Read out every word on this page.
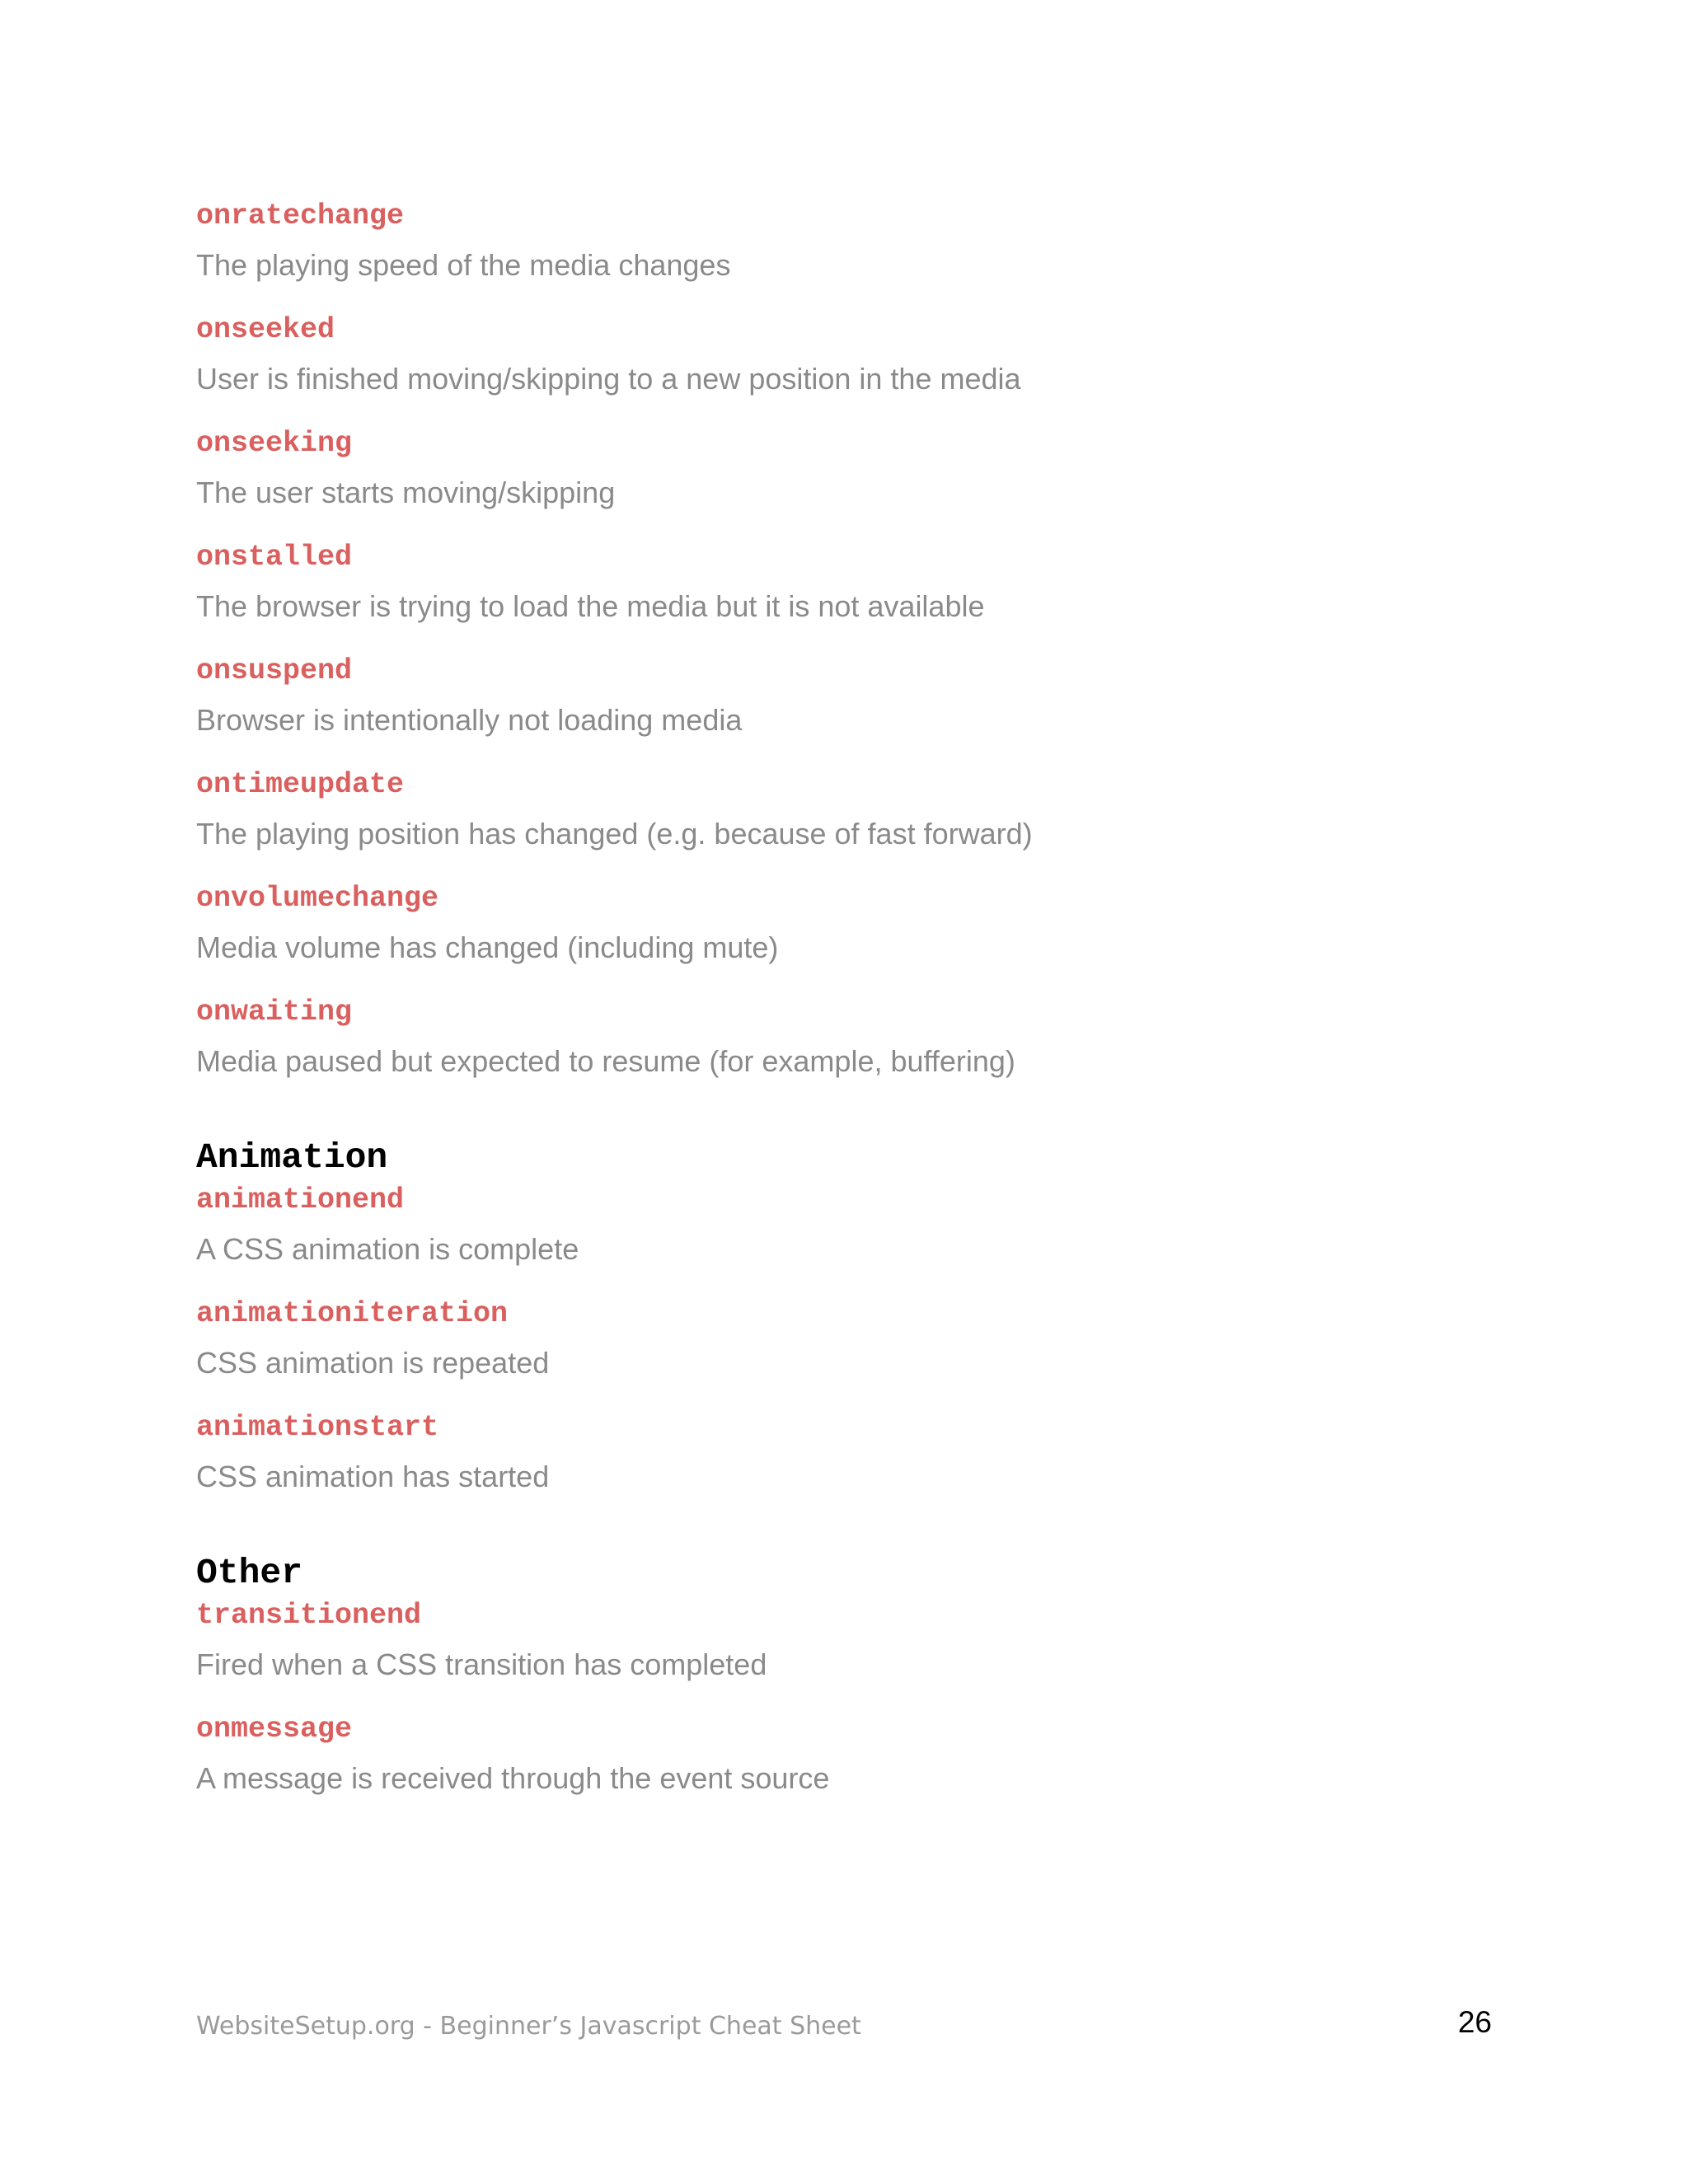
onratechange

The playing speed of the media changes

onseeked

User is finished moving/skipping to a new position in the media

onseeking

The user starts moving/skipping

onstalled

The browser is trying to load the media but it is not available

onsuspend

Browser is intentionally not loading media

ontimeupdate

The playing position has changed (e.g. because of fast forward)

onvolumechange

Media volume has changed (including mute)

onwaiting

Media paused but expected to resume (for example, buffering)

Animation

animationend

A CSS animation is complete

animationiteration

CSS animation is repeated

animationstart

CSS animation has started

Other

transitionend

Fired when a CSS transition has completed

onmessage

A message is received through the event source

WebsiteSetup.org - Beginner’s Javascript Cheat Sheet	26
